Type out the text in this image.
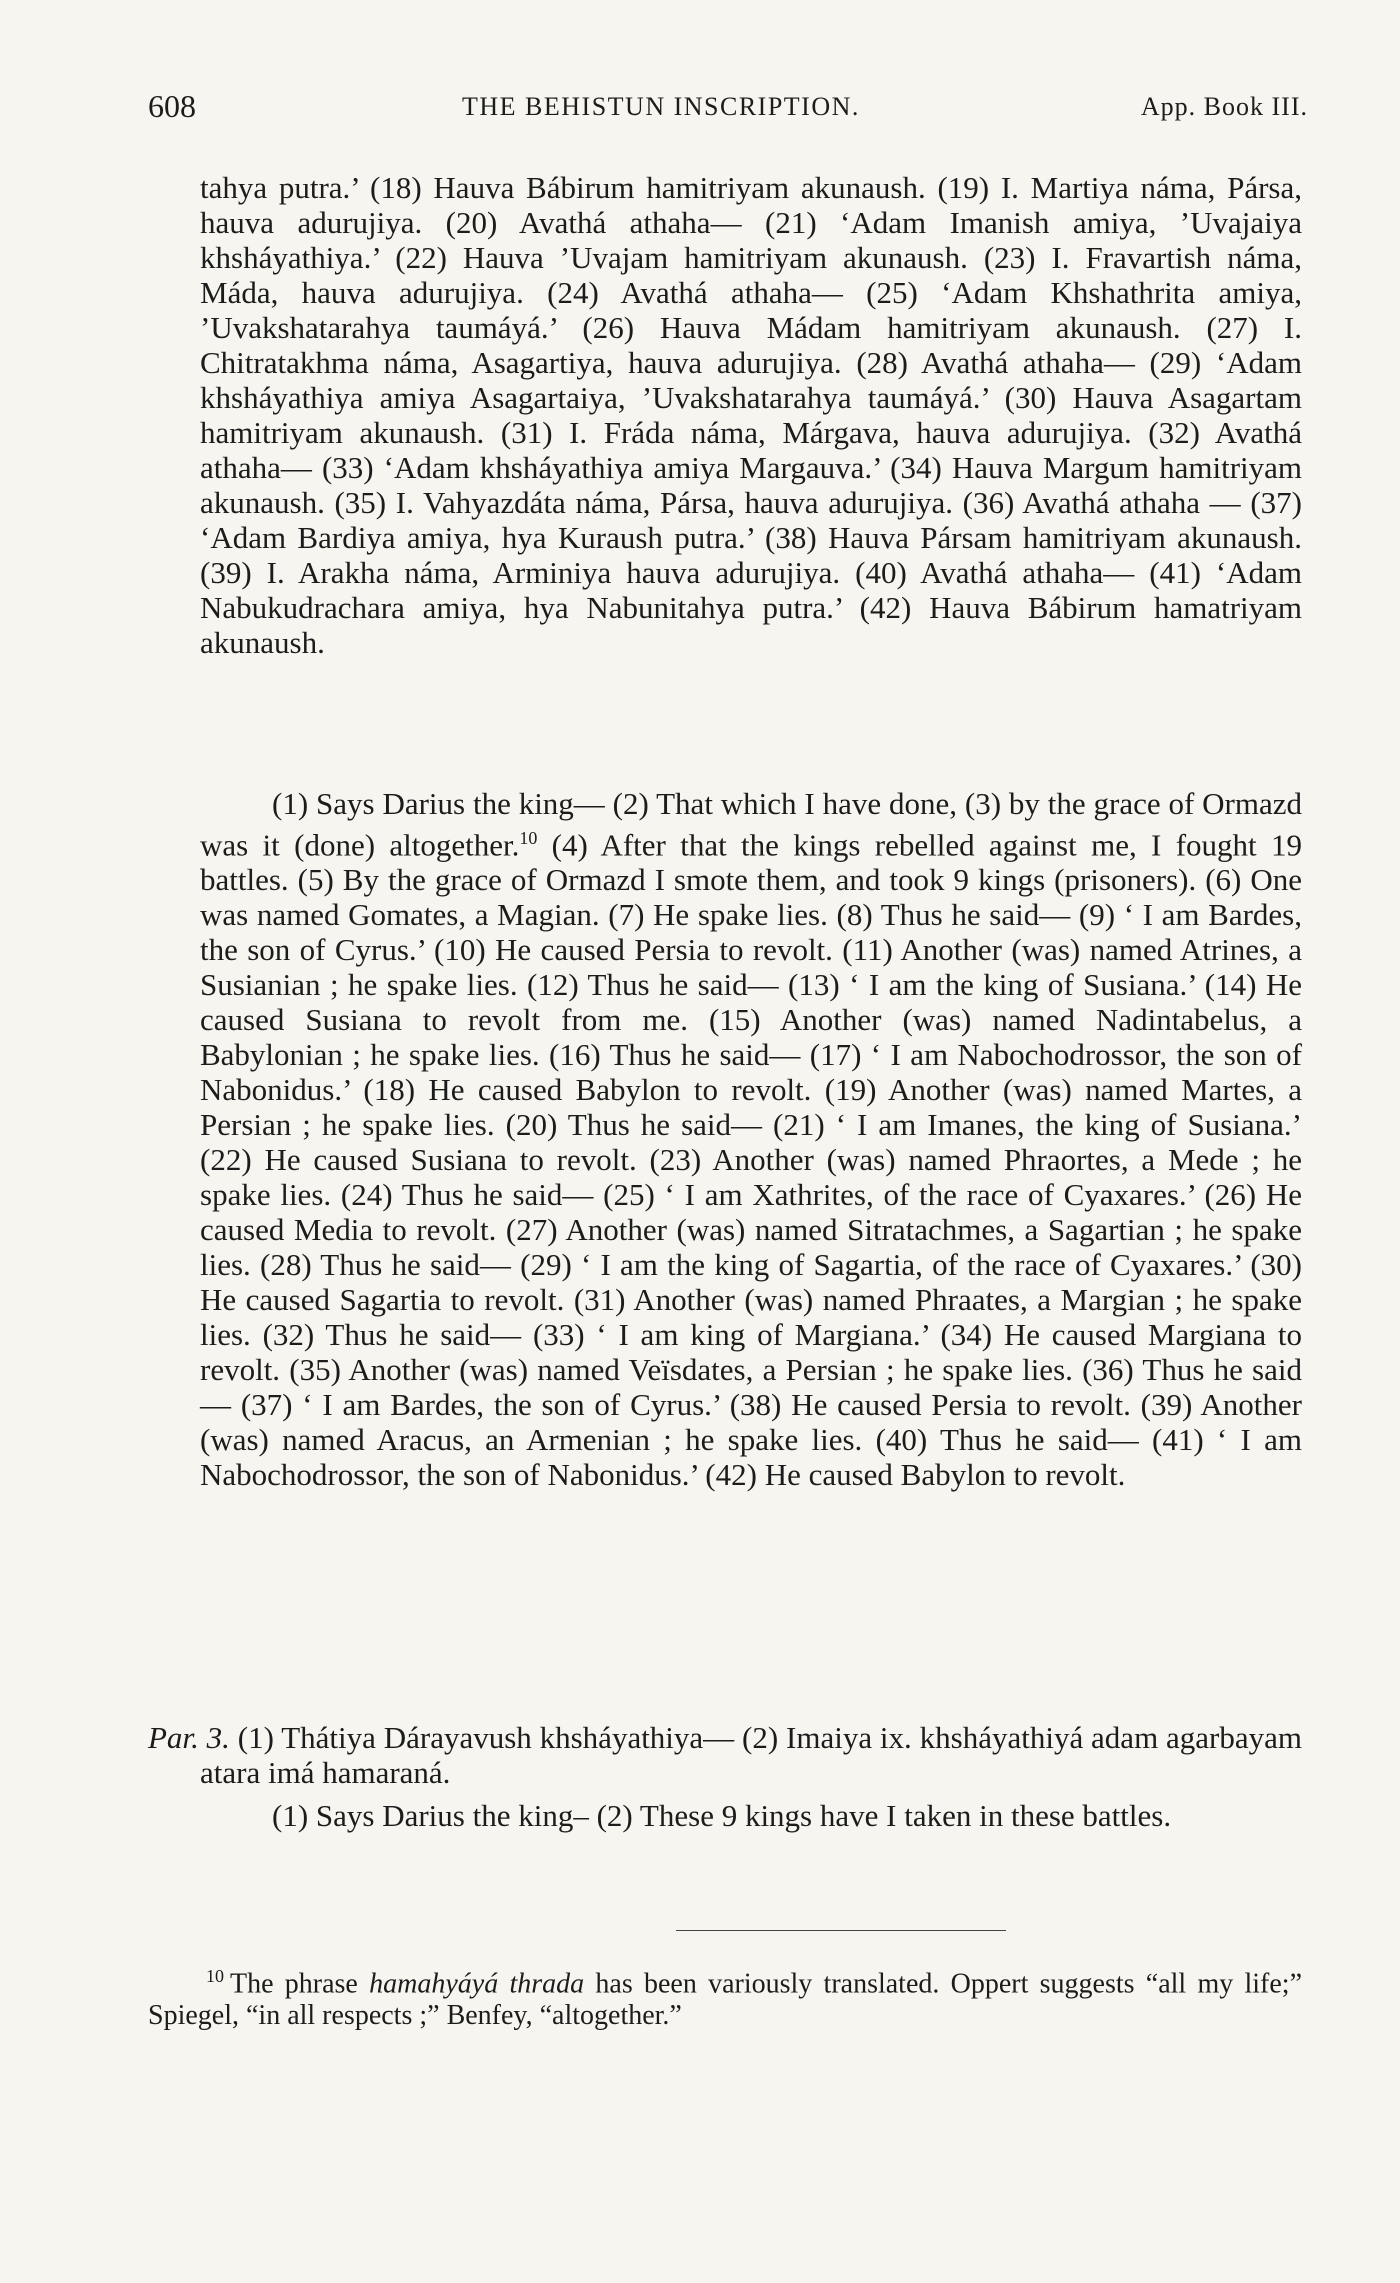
608	THE BEHISTUN INSCRIPTION.	App. Book III.

tahya putra.’ (18) Hauva Bábirum hamitriyam akunaush. (19) I. Martiya náma, Pársa, hauva adurujiya. (20) Avathá athaha— (21) ‘Adam Imanish amiya, ’Uvajaiya khsháyathiya.’ (22) Hauva ’Uvajam hamitriyam akunaush. (23) I. Fravartish náma, Máda, hauva adurujiya. (24) Avathá athaha— (25) ‘Adam Khshathrita amiya, ’Uvakshatarahya taumáyá.’ (26) Hauva Mádam hamitriyam akunaush. (27) I. Chitratakhma náma, Asagartiya, hauva adurujiya. (28) Avathá athaha— (29) ‘Adam khsháyathiya amiya Asagartaiya, ’Uvakshatarahya taumáyá.’ (30) Hauva Asagartam hamitriyam akunaush. (31) I. Fráda náma, Márgava, hauva adurujiya. (32) Avathá athaha— (33) ‘Adam khsháyathiya amiya Margauva.’ (34) Hauva Margum hamitriyam akunaush. (35) I. Vahyazdáta náma, Pársa, hauva adurujiya. (36) Avathá athaha — (37) ‘Adam Bardiya amiya, hya Kuraush putra.’ (38) Hauva Pársam hamitriyam akunaush. (39) I. Arakha náma, Arminiya hauva adurujiya. (40) Avathá athaha— (41) ‘Adam Nabukudrachara amiya, hya Nabunitahya putra.’ (42) Hauva Bábirum hamatriyam akunaush.

(1) Says Darius the king— (2) That which I have done, (3) by the grace of Ormazd was it (done) altogether.$^{10}$ (4) After that the kings rebelled against me, I fought 19 battles. (5) By the grace of Ormazd I smote them, and took 9 kings (prisoners). (6) One was named Gomates, a Magian. (7) He spake lies. (8) Thus he said— (9) ‘ I am Bardes, the son of Cyrus.’ (10) He caused Persia to revolt. (11) Another (was) named Atrines, a Susianian ; he spake lies. (12) Thus he said— (13) ‘ I am the king of Susiana.’ (14) He caused Susiana to revolt from me. (15) Another (was) named Nadintabelus, a Babylonian ; he spake lies. (16) Thus he said— (17) ‘ I am Nabochodrossor, the son of Nabonidus.’ (18) He caused Babylon to revolt. (19) Another (was) named Martes, a Persian ; he spake lies. (20) Thus he said— (21) ‘ I am Imanes, the king of Susiana.’ (22) He caused Susiana to revolt. (23) Another (was) named Phraortes, a Mede ; he spake lies. (24) Thus he said— (25) ‘ I am Xathrites, of the race of Cyaxares.’ (26) He caused Media to revolt. (27) Another (was) named Sitratachmes, a Sagartian ; he spake lies. (28) Thus he said— (29) ‘ I am the king of Sagartia, of the race of Cyaxares.’ (30) He caused Sagartia to revolt. (31) Another (was) named Phraates, a Margian ; he spake lies. (32) Thus he said— (33) ‘ I am king of Margiana.’ (34) He caused Margiana to revolt. (35) Another (was) named Veïsdates, a Persian ; he spake lies. (36) Thus he said— (37) ‘ I am Bardes, the son of Cyrus.’ (38) He caused Persia to revolt. (39) Another (was) named Aracus, an Armenian ; he spake lies. (40) Thus he said— (41) ‘ I am Nabochodrossor, the son of Nabonidus.’ (42) He caused Babylon to revolt.

Par. 3. (1) Thátiya Dárayavush khsháyathiya— (2) Imaiya ix. khsháyathiyá adam agarbayam atara imá hamaraná.

(1) Says Darius the king– (2) These 9 kings have I taken in these battles.

$^{10}$ The phrase hamahyáyá thrada has been variously translated. Oppert suggests “all my life;” Spiegel, “in all respects ;” Benfey, “altogether.”
